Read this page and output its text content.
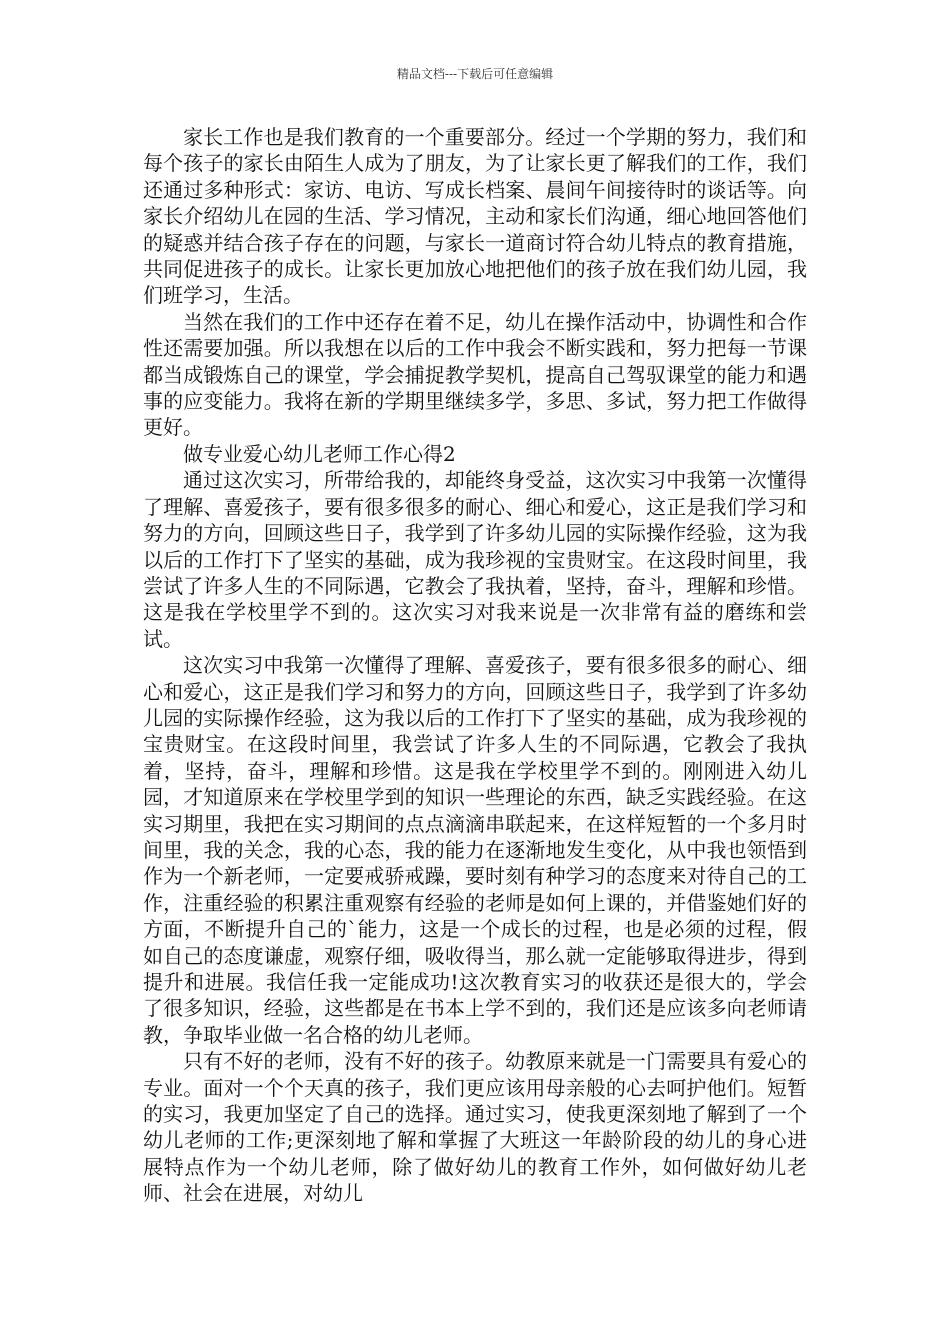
精品文档---下载后可任意编辑

家长工作也是我们教育的一个重要部分。经过一个学期的努力，我们和每个孩子的家长由陌生人成为了朋友，为了让家长更了解我们的工作，我们还通过多种形式：家访、电访、写成长档案、晨间午间接待时的谈话等。向家长介绍幼儿在园的生活、学习情况，主动和家长们沟通，细心地回答他们的疑惑并结合孩子存在的问题，与家长一道商讨符合幼儿特点的教育措施，共同促进孩子的成长。让家长更加放心地把他们的孩子放在我们幼儿园，我们班学习，生活。

当然在我们的工作中还存在着不足，幼儿在操作活动中，协调性和合作性还需要加强。所以我想在以后的工作中我会不断实践和，努力把每一节课都当成锻炼自己的课堂，学会捕捉教学契机，提高自己驾驭课堂的能力和遇事的应变能力。我将在新的学期里继续多学，多思、多试，努力把工作做得更好。

做专业爱心幼儿老师工作心得2

通过这次实习，所带给我的，却能终身受益，这次实习中我第一次懂得了理解、喜爱孩子，要有很多很多的耐心、细心和爱心，这正是我们学习和努力的方向，回顾这些日子，我学到了许多幼儿园的实际操作经验，这为我以后的工作打下了坚实的基础，成为我珍视的宝贵财宝。在这段时间里，我尝试了许多人生的不同际遇，它教会了我执着，坚持，奋斗，理解和珍惜。这是我在学校里学不到的。这次实习对我来说是一次非常有益的磨练和尝试。

这次实习中我第一次懂得了理解、喜爱孩子，要有很多很多的耐心、细心和爱心，这正是我们学习和努力的方向，回顾这些日子，我学到了许多幼儿园的实际操作经验，这为我以后的工作打下了坚实的基础，成为我珍视的宝贵财宝。在这段时间里，我尝试了许多人生的不同际遇，它教会了我执着，坚持，奋斗，理解和珍惜。这是我在学校里学不到的。刚刚进入幼儿园，才知道原来在学校里学到的知识一些理论的东西，缺乏实践经验。在这实习期里，我把在实习期间的点点滴滴串联起来，在这样短暂的一个多月时间里，我的关念，我的心态，我的能力在逐渐地发生变化，从中我也领悟到作为一个新老师，一定要戒骄戒躁，要时刻有种学习的态度来对待自己的工作，注重经验的积累注重观察有经验的老师是如何上课的，并借鉴她们好的方面，不断提升自己的`能力，这是一个成长的过程，也是必须的过程，假如自己的态度谦虚，观察仔细，吸收得当，那么就一定能够取得进步，得到提升和进展。我信任我一定能成功!这次教育实习的收获还是很大的，学会了很多知识，经验，这些都是在书本上学不到的，我们还是应该多向老师请教，争取毕业做一名合格的幼儿老师。

只有不好的老师，没有不好的孩子。幼教原来就是一门需要具有爱心的专业。面对一个个天真的孩子，我们更应该用母亲般的心去呵护他们。短暂的实习，我更加坚定了自己的选择。通过实习，使我更深刻地了解到了一个幼儿老师的工作;更深刻地了解和掌握了大班这一年龄阶段的幼儿的身心进展特点作为一个幼儿老师，除了做好幼儿的教育工作外，如何做好幼儿老师、社会在进展，对幼儿
